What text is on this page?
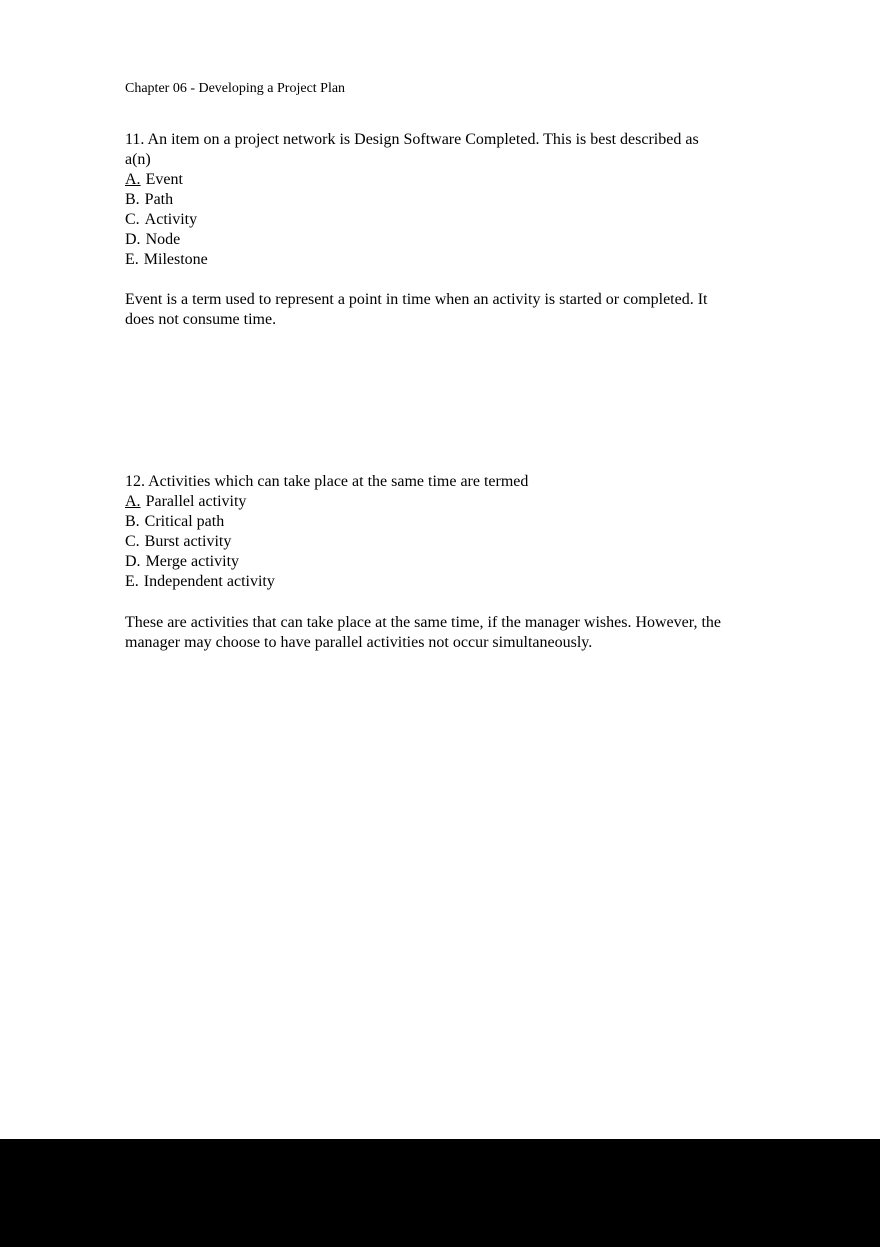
Chapter 06 - Developing a Project Plan
11. An item on a project network is Design Software Completed. This is best described as
a(n)
A. Event
B. Path
C. Activity
D. Node
E. Milestone
Event is a term used to represent a point in time when an activity is started or completed. It
does not consume time.
12. Activities which can take place at the same time are termed
A. Parallel activity
B. Critical path
C. Burst activity
D. Merge activity
E. Independent activity
These are activities that can take place at the same time, if the manager wishes. However, the
manager may choose to have parallel activities not occur simultaneously.
